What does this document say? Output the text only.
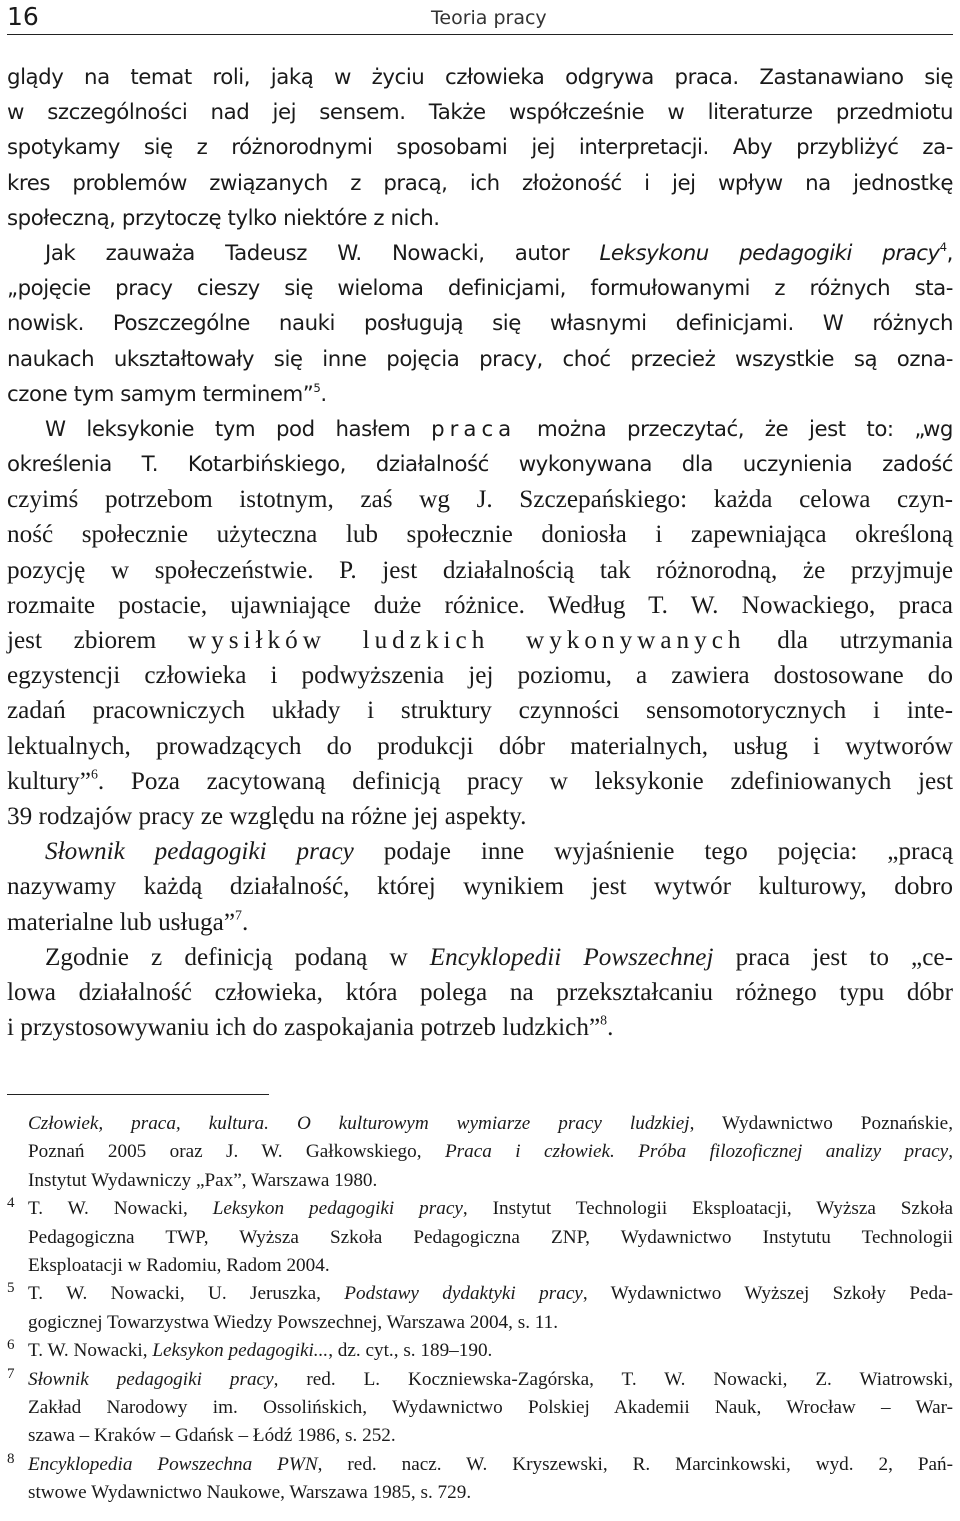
16	Teoria pracy
glądy na temat roli, jaką w życiu człowieka odgrywa praca. Zastanawiano się
w szczególności nad jej sensem. Także współcześnie w literaturze przedmiotu
spotykamy się z różnorodnymi sposobami jej interpretacji. Aby przybliżyć za-
kres problemów związanych z pracą, ich złożoność i jej wpływ na jednostkę
społeczną, przytoczę tylko niektóre z nich.
Jak zauważa Tadeusz W. Nowacki, autor Leksykonu pedagogiki pracy$^4$,
„pojęcie pracy cieszy się wieloma definicjami, formułowanymi z różnych sta-
nowisk. Poszczególne nauki posługują się własnymi definicjami. W różnych
naukach ukształtowały się inne pojęcia pracy, choć przecież wszystkie są ozna-
czone tym samym terminem”$^5$.
W leksykonie tym pod hasłem praca można przeczytać, że jest to: „wg
określenia T. Kotarbińskiego, działalność wykonywana dla uczynienia zadość
czyimś potrzebom istotnym, zaś wg J. Szczepańskiego: każda celowa czyn-
ność społecznie użyteczna lub społecznie doniosła i zapewniająca określoną
pozycję w społeczeństwie. P. jest działalnością tak różnorodną, że przyjmuje
rozmaite postacie, ujawniające duże różnice. Według T. W. Nowackiego, praca
jest zbiorem wysiłków ludzkich wykonywanych dla utrzymania
egzystencji człowieka i podwyższenia jej poziomu, a zawiera dostosowane do
zadań pracowniczych układy i struktury czynności sensomotorycznych i inte-
lektualnych, prowadzących do produkcji dóbr materialnych, usług i wytworów
kultury”$^6$. Poza zacytowaną definicją pracy w leksykonie zdefiniowanych jest
39 rodzajów pracy ze względu na różne jej aspekty.
Słownik pedagogiki pracy podaje inne wyjaśnienie tego pojęcia: „pracą
nazywamy każdą działalność, której wynikiem jest wytwór kulturowy, dobro
materialne lub usługa”$^7$.
Zgodnie z definicją podaną w Encyklopedii Powszechnej praca jest to „ce-
lowa działalność człowieka, która polega na przekształcaniu różnego typu dóbr
i przystosowywaniu ich do zaspokajania potrzeb ludzkich”$^8$.
Człowiek, praca, kultura. O kulturowym wymiarze pracy ludzkiej, Wydawnictwo Poznańskie,
Poznań 2005 oraz J. W. Gałkowskiego, Praca i człowiek. Próba filozoficznej analizy pracy,
Instytut Wydawniczy „Pax”, Warszawa 1980.
4 T. W. Nowacki, Leksykon pedagogiki pracy, Instytut Technologii Eksploatacji, Wyższa Szkoła
Pedagogiczna TWP, Wyższa Szkoła Pedagogiczna ZNP, Wydawnictwo Instytutu Technologii
Eksploatacji w Radomiu, Radom 2004.
5 T. W. Nowacki, U. Jeruszka, Podstawy dydaktyki pracy, Wydawnictwo Wyższej Szkoły Peda-
gogicznej Towarzystwa Wiedzy Powszechnej, Warszawa 2004, s. 11.
6 T. W. Nowacki, Leksykon pedagogiki..., dz. cyt., s. 189–190.
7 Słownik pedagogiki pracy, red. L. Koczniewska-Zagórska, T. W. Nowacki, Z. Wiatrowski,
Zakład Narodowy im. Ossolińskich, Wydawnictwo Polskiej Akademii Nauk, Wrocław – War-
szawa – Kraków – Gdańsk – Łódź 1986, s. 252.
8 Encyklopedia Powszechna PWN, red. nacz. W. Kryszewski, R. Marcinkowski, wyd. 2, Pań-
stwowe Wydawnictwo Naukowe, Warszawa 1985, s. 729.
